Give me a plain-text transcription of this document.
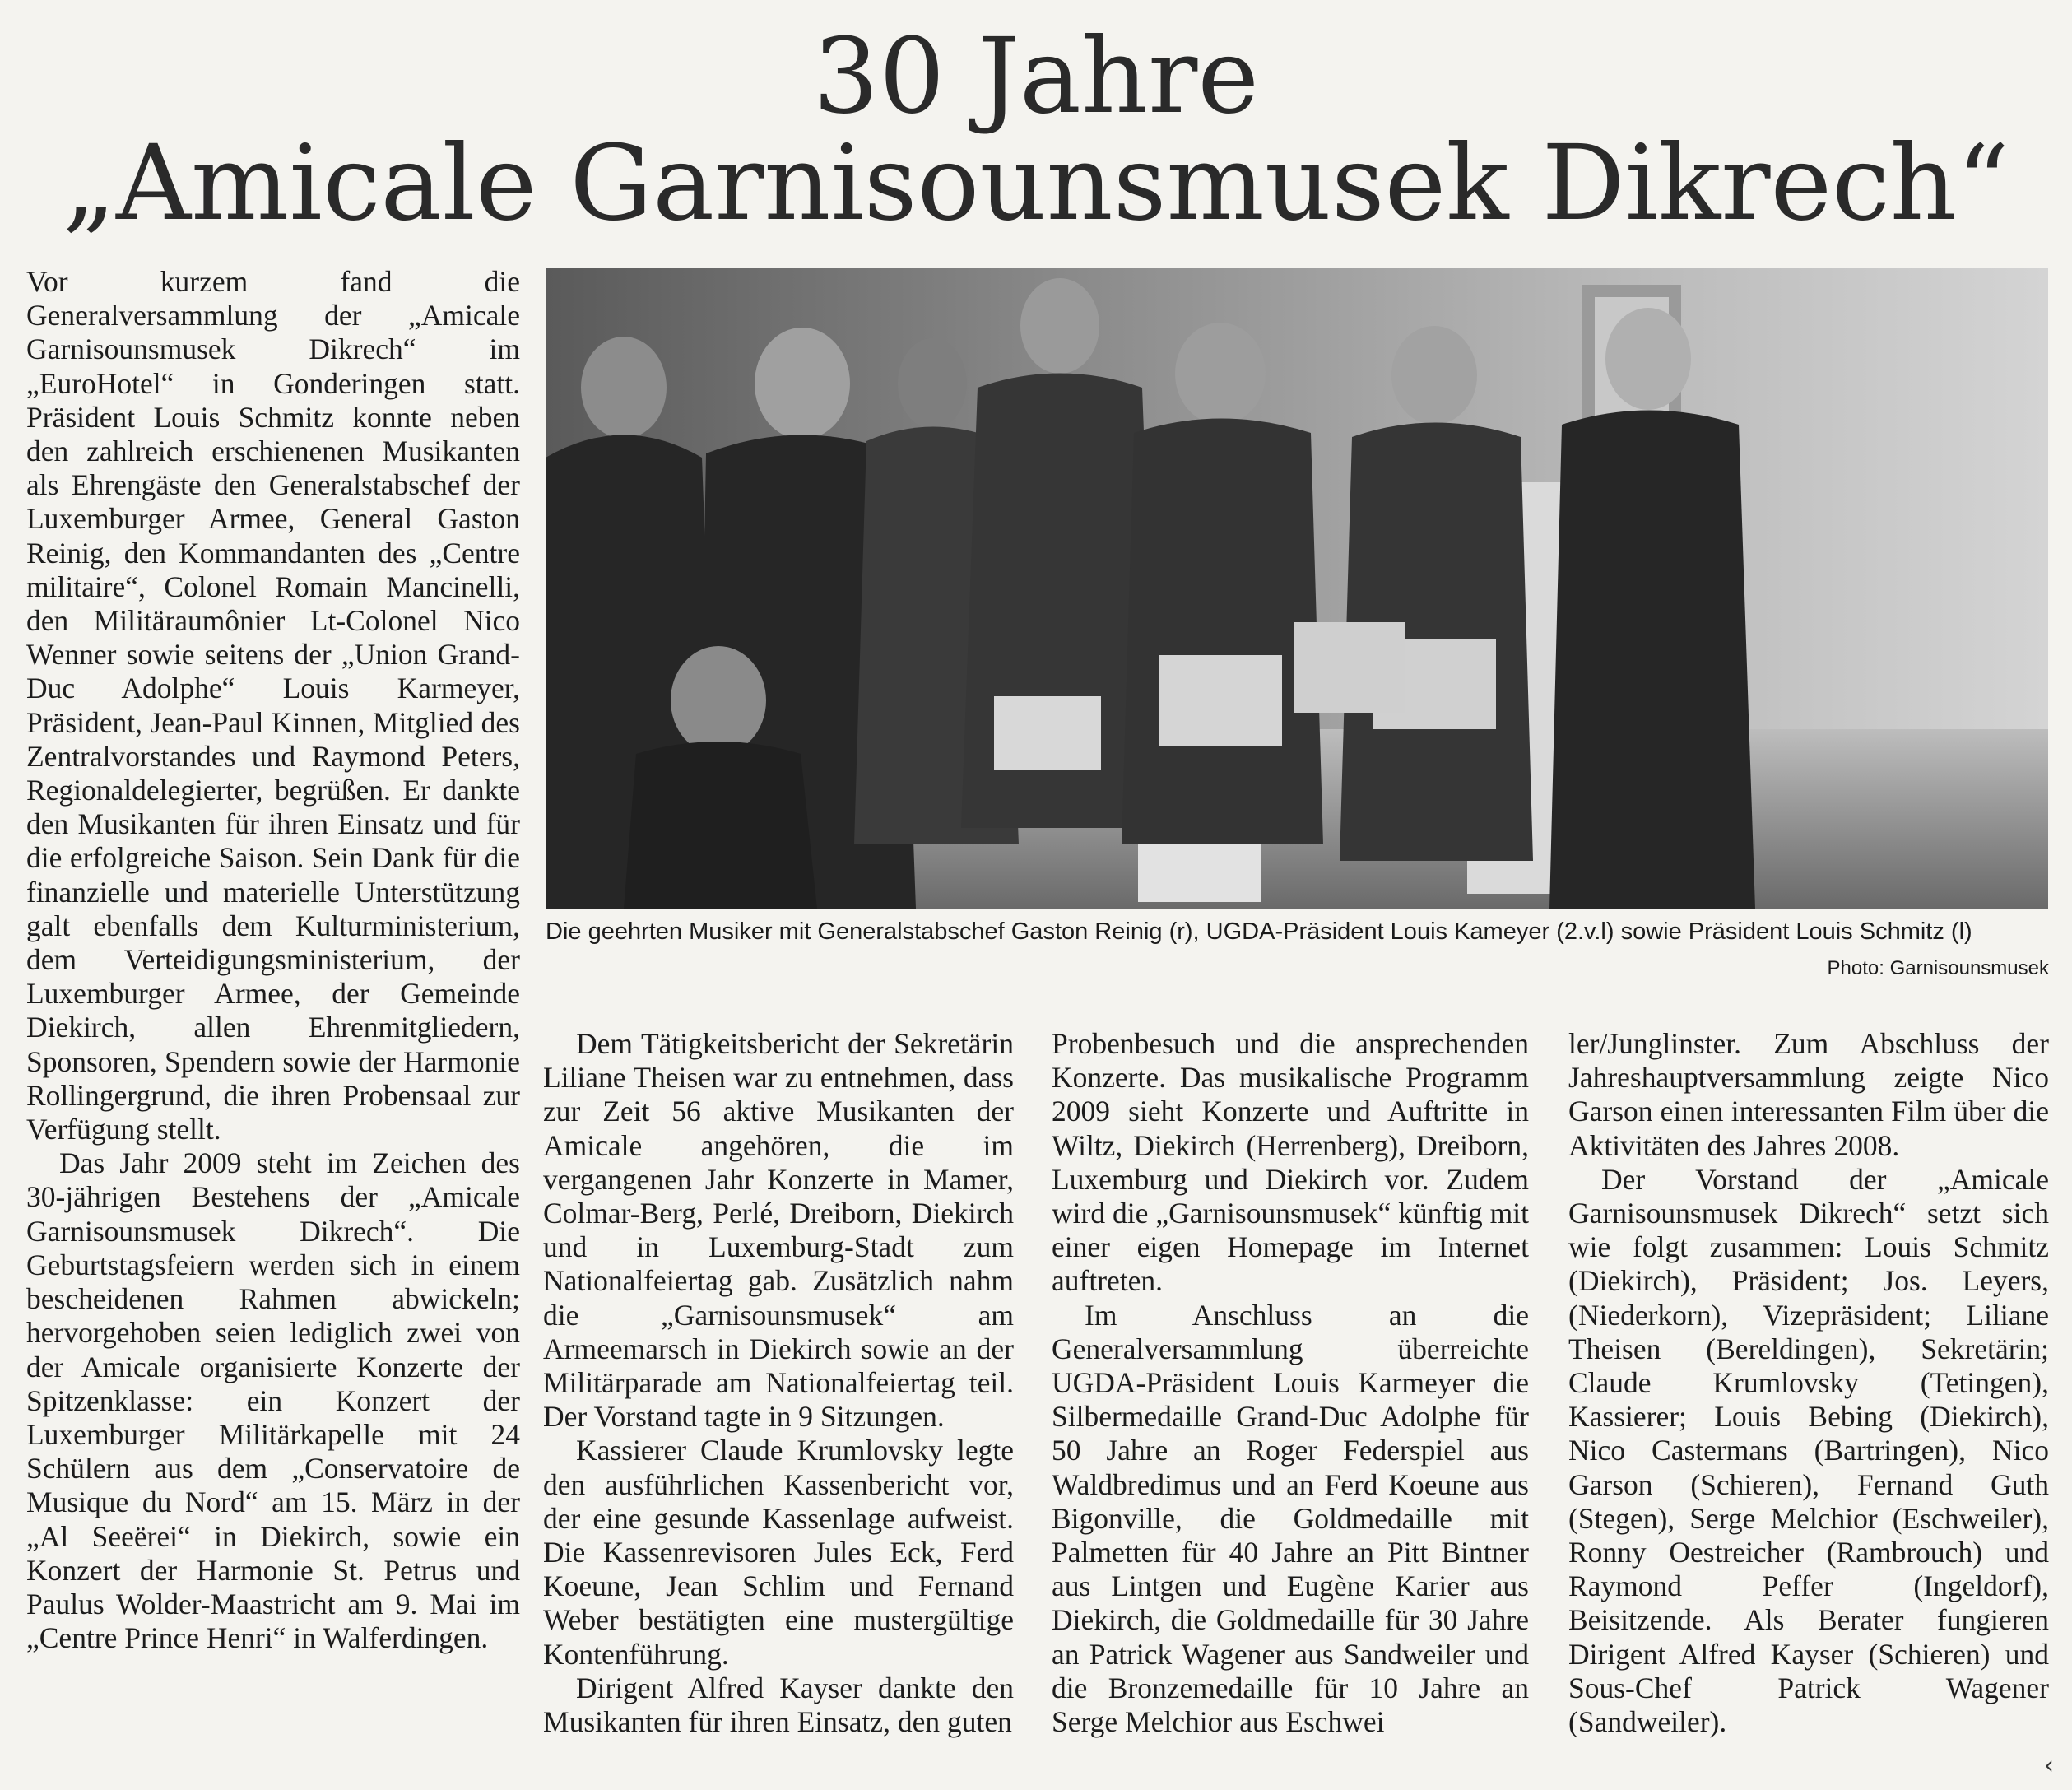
30 Jahre
„Amicale Garnisounsmusek Dikrech“

Vor kurzem fand die Generalversammlung der „Amicale Garnisounsmusek Dikrech“ im „EuroHotel“ in Gonderingen statt. Präsident Louis Schmitz konnte neben den zahlreich erschienenen Musikanten als Ehrengäste den Generalstabschef der Luxemburger Armee, General Gaston Reinig, den Kommandanten des „Centre militaire“, Colonel Romain Mancinelli, den Militäraumônier Lt-Colonel Nico Wenner sowie seitens der „Union Grand-Duc Adolphe“ Louis Karmeyer, Präsident, Jean-Paul Kinnen, Mitglied des Zentralvorstandes und Raymond Peters, Regionaldelegierter, begrüßen. Er dankte den Musikanten für ihren Einsatz und für die erfolgreiche Saison. Sein Dank für die finanzielle und materielle Unterstützung galt ebenfalls dem Kulturministerium, dem Verteidigungsministerium, der Luxemburger Armee, der Gemeinde Diekirch, allen Ehrenmitgliedern, Sponsoren, Spendern sowie der Harmonie Rollingergrund, die ihren Probensaal zur Verfügung stellt.

Das Jahr 2009 steht im Zeichen des 30-jährigen Bestehens der „Amicale Garnisounsmusek Dikrech“. Die Geburtstagsfeiern werden sich in einem bescheidenen Rahmen abwickeln; hervorgehoben seien lediglich zwei von der Amicale organisierte Konzerte der Spitzenklasse: ein Konzert der Luxemburger Militärkapelle mit 24 Schülern aus dem „Conservatoire de Musique du Nord“ am 15. März in der „Al Seeërei“ in Diekirch, sowie ein Konzert der Harmonie St. Petrus und Paulus Wolder-Maastricht am 9. Mai im „Centre Prince Henri“ in Walferdingen.

Die geehrten Musiker mit Generalstabschef Gaston Reinig (r), UGDA-Präsident Louis Kameyer (2.v.l) sowie Präsident Louis Schmitz (l)
Photo: Garnisounsmusek

Dem Tätigkeitsbericht der Sekretärin Liliane Theisen war zu entnehmen, dass zur Zeit 56 aktive Musikanten der Amicale angehören, die im vergangenen Jahr Konzerte in Mamer, Colmar-Berg, Perlé, Dreiborn, Diekirch und in Luxemburg-Stadt zum Nationalfeiertag gab. Zusätzlich nahm die „Garnisounsmusek“ am Armeemarsch in Diekirch sowie an der Militärparade am Nationalfeiertag teil. Der Vorstand tagte in 9 Sitzungen.

Kassierer Claude Krumlovsky legte den ausführlichen Kassenbericht vor, der eine gesunde Kassenlage aufweist. Die Kassenrevisoren Jules Eck, Ferd Koeune, Jean Schlim und Fernand Weber bestätigten eine mustergültige Kontenführung.

Dirigent Alfred Kayser dankte den Musikanten für ihren Einsatz, den guten

Probenbesuch und die ansprechenden Konzerte. Das musikalische Programm 2009 sieht Konzerte und Auftritte in Wiltz, Diekirch (Herrenberg), Dreiborn, Luxemburg und Diekirch vor. Zudem wird die „Garnisounsmusek“ künftig mit einer eigen Homepage im Internet auftreten.

Im Anschluss an die Generalversammlung überreichte UGDA-Präsident Louis Karmeyer die Silbermedaille Grand-Duc Adolphe für 50 Jahre an Roger Federspiel aus Waldbredimus und an Ferd Koeune aus Bigonville, die Goldmedaille mit Palmetten für 40 Jahre an Pitt Bintner aus Lintgen und Eugène Karier aus Diekirch, die Goldmedaille für 30 Jahre an Patrick Wagener aus Sandweiler und die Bronzemedaille für 10 Jahre an Serge Melchior aus Eschwei

ler/Junglinster. Zum Abschluss der Jahreshauptversammlung zeigte Nico Garson einen interessanten Film über die Aktivitäten des Jahres 2008.

Der Vorstand der „Amicale Garnisounsmusek Dikrech“ setzt sich wie folgt zusammen: Louis Schmitz (Diekirch), Präsident; Jos. Leyers, (Niederkorn), Vizepräsident; Liliane Theisen (Bereldingen), Sekretärin; Claude Krumlovsky (Tetingen), Kassierer; Louis Bebing (Diekirch), Nico Castermans (Bartringen), Nico Garson (Schieren), Fernand Guth (Stegen), Serge Melchior (Eschweiler), Ronny Oestreicher (Rambrouch) und Raymond Peffer (Ingeldorf), Beisitzende. Als Berater fungieren Dirigent Alfred Kayser (Schieren) und Sous-Chef Patrick Wagener (Sandweiler).

‹
